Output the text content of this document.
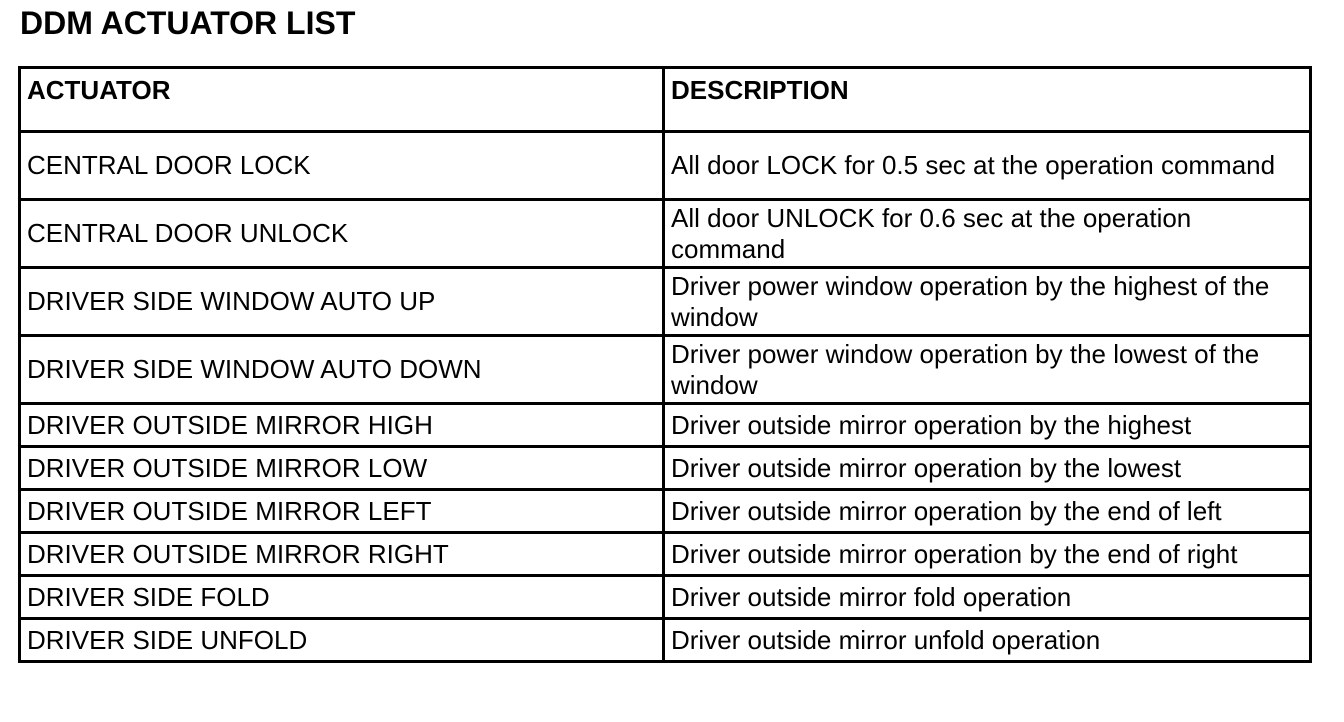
DDM ACTUATOR LIST
ACTUATOR	DESCRIPTION
CENTRAL DOOR LOCK	All door LOCK for 0.5 sec at the operation command
CENTRAL DOOR UNLOCK	All door UNLOCK for 0.6 sec at the operation command
DRIVER SIDE WINDOW AUTO UP	Driver power window operation by the highest of the window
DRIVER SIDE WINDOW AUTO DOWN	Driver power window operation by the lowest of the window
DRIVER OUTSIDE MIRROR HIGH	Driver outside mirror operation by the highest
DRIVER OUTSIDE MIRROR LOW	Driver outside mirror operation by the lowest
DRIVER OUTSIDE MIRROR LEFT	Driver outside mirror operation by the end of left
DRIVER OUTSIDE MIRROR RIGHT	Driver outside mirror operation by the end of right
DRIVER SIDE FOLD	Driver outside mirror fold operation
DRIVER SIDE UNFOLD	Driver outside mirror unfold operation
